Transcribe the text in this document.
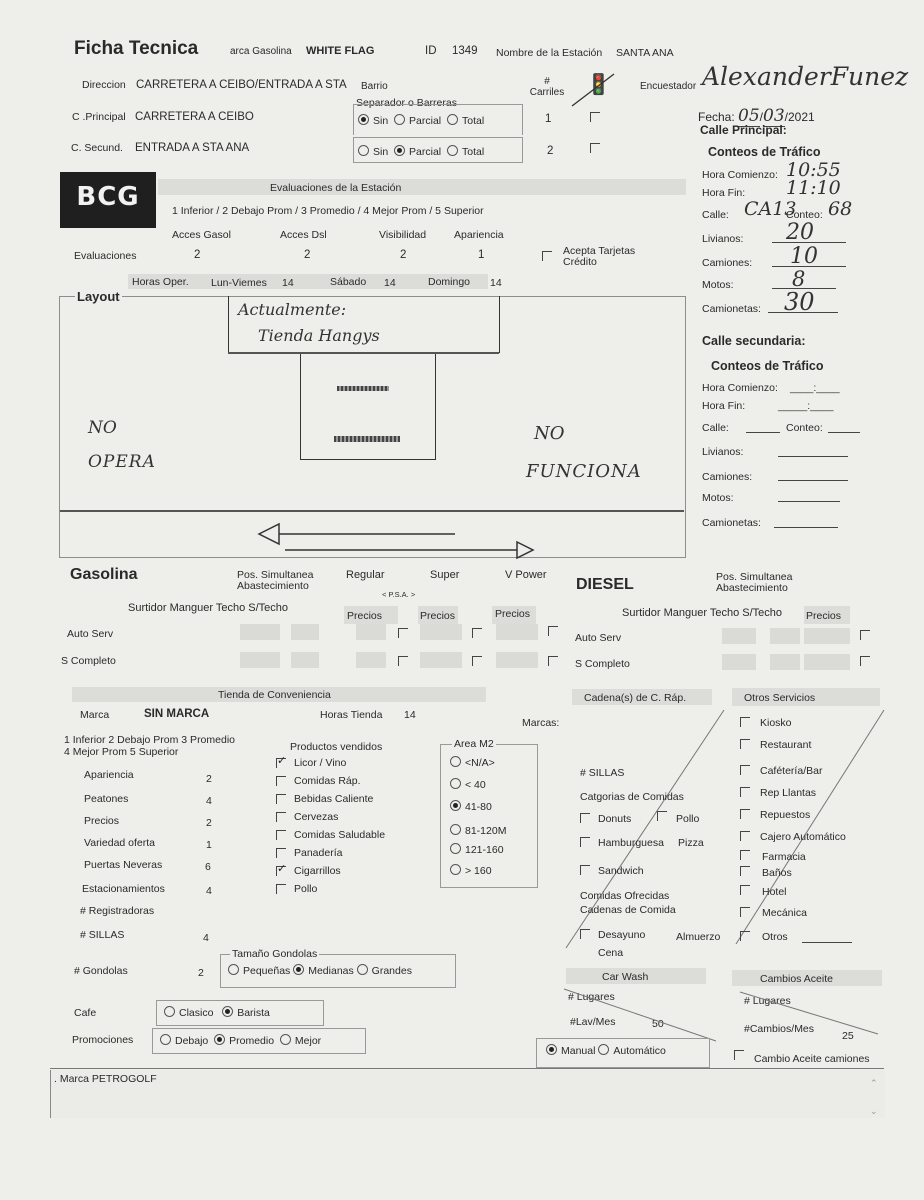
Ficha Tecnica	arca Gasolina WHITE FLAG	ID 1349 Nombre de la Estación SANTA ANA
Direccion CARRETERA A CEIBO/ENTRADA A STA Barrio	# Carriles 🚦	Encuestador AlexanderFunez
Separador o Barreras
C .Principal CARRETERA A CEIBO	Sin Parcial Total	1	Fecha: 05/03/2021
Calle Principal:
C. Secund. ENTRADA A STA ANA	Sin Parcial Total	2	Conteos de Tráfico
Hora Comienzo: 10:55
Hora Fin: 11:10
Calle: CA13
Conteo: 68
Livianos: 20
Camiones: 10
Motos:	8
Camionetas: 30
Calle secundaria:
Conteos de Tráfico
Hora Comienzo: ____:____
Hora Fin:	_____:____
Calle:	Conteo:
Livianos:
Camiones:
Motos:
Camionetas:
BCG	Evaluaciones de la Estación
1 Inferior / 2 Debajo Prom / 3 Promedio / 4 Mejor Prom / 5 Superior
Acces Gasol	Acces Dsl	Visibilidad	Apariencia
Evaluaciones	2	2	2	1	Acepta Tarjetas Crédito
Horas Oper. Lun-Viemes 14	Sábado 14	Domingo 14
Layout
Actualmente:
Tienda Hangys
NO
OPERA
NO
FUNCIONA
Gasolina	Pos. Simultanea Abastecimiento
Regular	Super	V Power
< P.S.A. >
Surtidor Manguer Techo S/Techo
Precios	Precios	Precios
Auto Serv
S Completo
DIESEL	Pos. Simultanea Abastecimiento
Surtidor Manguer Techo S/Techo Precios
Auto Serv
S Completo
Tienda de Conveniencia
Marca	SIN MARCA	Horas Tienda 14
Marcas:
1 Inferior 2 Debajo Prom 3 Promedio
4 Mejor Prom 5 Superior
Apariencia	2
Peatones	4
Precios	2
Variedad oferta	1
Puertas Neveras	6
Estacionamientos	4
# Registradoras
# SILLAS	4
Productos vendidos
✓
Licor / Vino
Comidas Ráp.
Bebidas Caliente
Cervezas
Comidas Saludable
Panadería
✓
Cigarrillos
Pollo
Area M2
<N/A>
< 40
41-80
81-120M
121-160
> 160
# Gondolas	2
Tamaño Gondolas
Pequeñas Medianas Grandes
Cafe	Clasico Barista
Promociones	Debajo Promedio Mejor
Cadena(s) de C. Ráp.
# SILLAS
Catgorias de Comidas
Donuts	Pollo
Hamburguesa Pizza
Sandwich
Comidas Ofrecidas
Cadenas de Comida
Desayuno	Almuerzo
Cena
Car Wash
# Lugares
#Lav/Mes	50
Manual Automático
Otros Servicios
Kiosko
Restaurant
Cafétería/Bar
Rep Llantas
Repuestos
Cajero Automático
Farmacia
Baños
Hotel
Mecánica
Otros
Cambios Aceite
# Lugares
#Cambios/Mes
25
Cambio Aceite camiones
. Marca PETROGOLF	⌃
⌄
